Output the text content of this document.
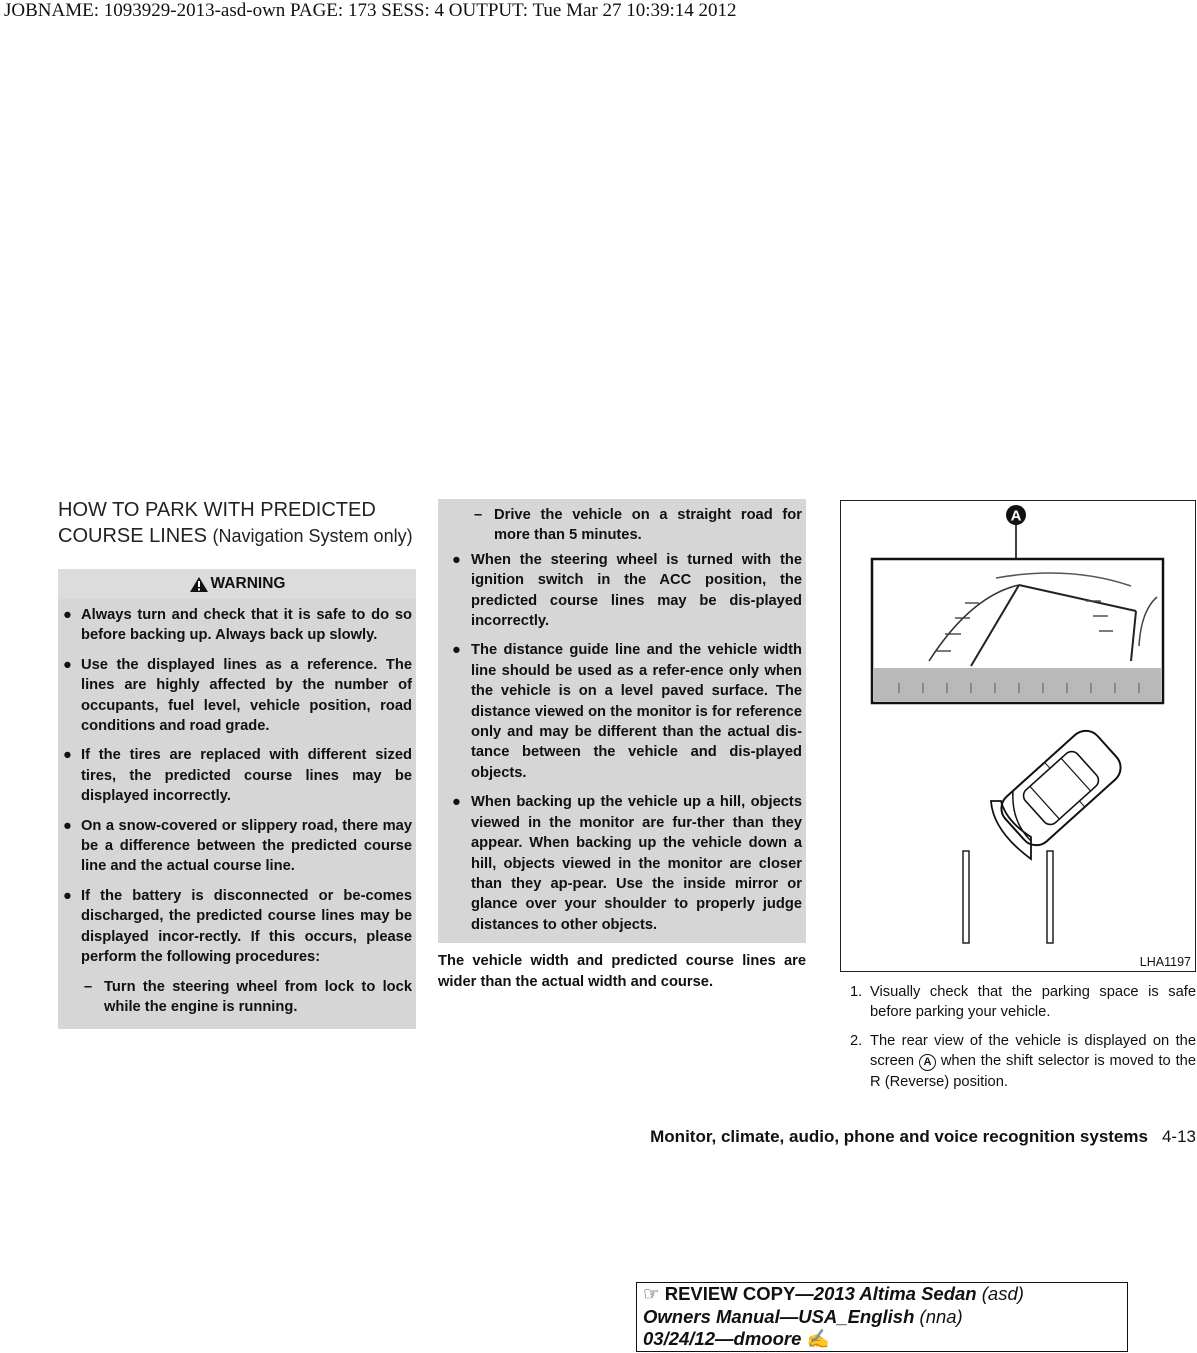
JOBNAME: 1093929-2013-asd-own PAGE: 173 SESS: 4 OUTPUT: Tue Mar 27 10:39:14 2012
HOW TO PARK WITH PREDICTED COURSE LINES (Navigation System only)
WARNING
● Always turn and check that it is safe to do so before backing up. Always back up slowly.
● Use the displayed lines as a reference. The lines are highly affected by the number of occupants, fuel level, vehicle position, road conditions and road grade.
● If the tires are replaced with different sized tires, the predicted course lines may be displayed incorrectly.
● On a snow-covered or slippery road, there may be a difference between the predicted course line and the actual course line.
● If the battery is disconnected or be-comes discharged, the predicted course lines may be displayed incor-rectly. If this occurs, please perform the following procedures:
– Turn the steering wheel from lock to lock while the engine is running.
– Drive the vehicle on a straight road for more than 5 minutes.
● When the steering wheel is turned with the ignition switch in the ACC position, the predicted course lines may be dis-played incorrectly.
● The distance guide line and the vehicle width line should be used as a refer-ence only when the vehicle is on a level paved surface. The distance viewed on the monitor is for reference only and may be different than the actual dis-tance between the vehicle and dis-played objects.
● When backing up the vehicle up a hill, objects viewed in the monitor are fur-ther than they appear. When backing up the vehicle down a hill, objects viewed in the monitor are closer than they ap-pear. Use the inside mirror or glance over your shoulder to properly judge distances to other objects.
The vehicle width and predicted course lines are wider than the actual width and course.
A
LHA1197
1. Visually check that the parking space is safe before parking your vehicle.
2. The rear view of the vehicle is displayed on the screen A when the shift selector is moved to the R (Reverse) position.
Monitor, climate, audio, phone and voice recognition systems 4-13
☞ REVIEW COPY—2013 Altima Sedan (asd)
Owners Manual—USA_English (nna)
03/24/12—dmoore ✍
